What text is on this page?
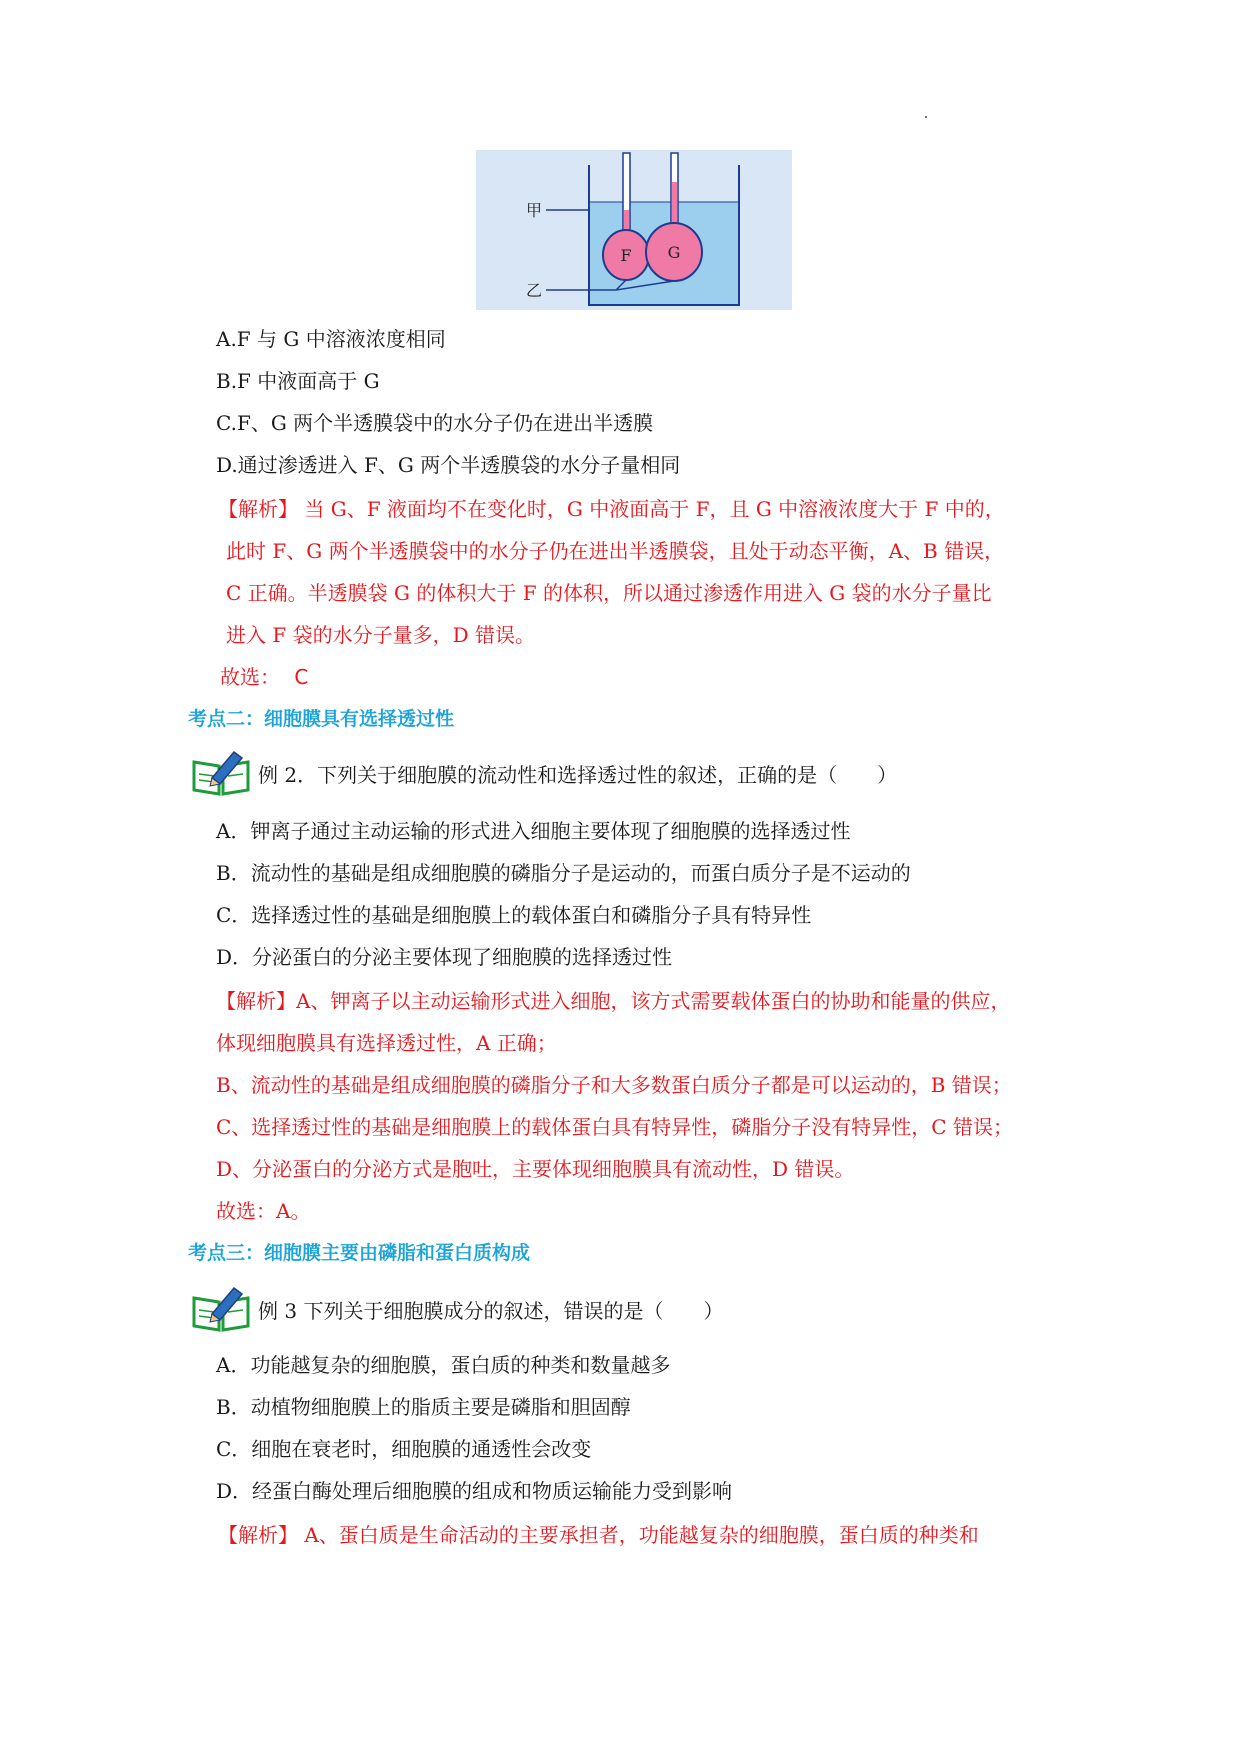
F G
甲
乙
A.F 与 G 中溶液浓度相同
B.F 中液面高于 G
C.F、G 两个半透膜袋中的水分子仍在进出半透膜
D.通过渗透进入 F、G 两个半透膜袋的水分子量相同
【解析】 当 G、F 液面均不在变化时，G 中液面高于 F，且 G 中溶液浓度大于 F 中的，
此时 F、G 两个半透膜袋中的水分子仍在进出半透膜袋，且处于动态平衡，A、B 错误，
C 正确。半透膜袋 G 的体积大于 F 的体积，所以通过渗透作用进入 G 袋的水分子量比
进入 F 袋的水分子量多，D 错误。
故选： C
考点二：细胞膜具有选择透过性
例 2．下列关于细胞膜的流动性和选择透过性的叙述，正确的是（　　）
A．钾离子通过主动运输的形式进入细胞主要体现了细胞膜的选择透过性
B．流动性的基础是组成细胞膜的磷脂分子是运动的，而蛋白质分子是不运动的
C．选择透过性的基础是细胞膜上的载体蛋白和磷脂分子具有特异性
D．分泌蛋白的分泌主要体现了细胞膜的选择透过性
【解析】A、钾离子以主动运输形式进入细胞，该方式需要载体蛋白的协助和能量的供应，
体现细胞膜具有选择透过性，A 正确；
B、流动性的基础是组成细胞膜的磷脂分子和大多数蛋白质分子都是可以运动的，B 错误；
C、选择透过性的基础是细胞膜上的载体蛋白具有特异性，磷脂分子没有特异性，C 错误；
D、分泌蛋白的分泌方式是胞吐，主要体现细胞膜具有流动性，D 错误。
故选：A。
考点三：细胞膜主要由磷脂和蛋白质构成
例 3 下列关于细胞膜成分的叙述，错误的是（　　）
A．功能越复杂的细胞膜，蛋白质的种类和数量越多
B．动植物细胞膜上的脂质主要是磷脂和胆固醇
C．细胞在衰老时，细胞膜的通透性会改变
D．经蛋白酶处理后细胞膜的组成和物质运输能力受到影响
【解析】 A、蛋白质是生命活动的主要承担者，功能越复杂的细胞膜，蛋白质的种类和
